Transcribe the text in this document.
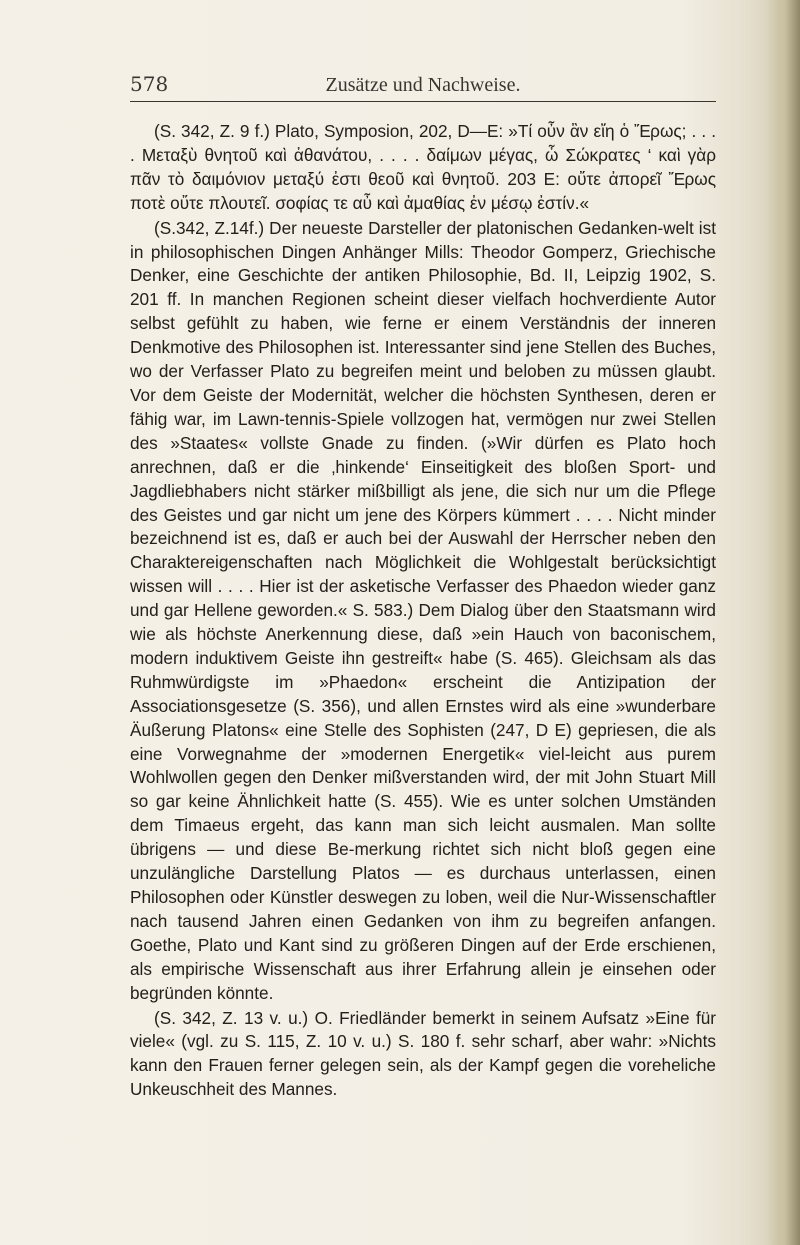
578	Zusätze und Nachweise.

(S. 342, Z. 9 f.) Plato, Symposion, 202, D—E: »Τί οὖν ἂν εἴη ὁ Ἔρως; . . . . Μεταξὺ θνητοῦ καὶ ἀθανάτου, . . . . δαίμων μέγας, ὦ Σώκρατες ‘ καὶ γὰρ πᾶν τὸ δαιμόνιον μεταξύ ἐστι θεοῦ καὶ θνητοῦ. 203 E: οὔτε ἀπορεῖ Ἔρως ποτὲ οὔτε πλουτεῖ. σοφίας τε αὖ καὶ ἀμαθίας ἐν μέσῳ ἐστίν.«

(S.342, Z.14f.) Der neueste Darsteller der platonischen Gedanken-welt ist in philosophischen Dingen Anhänger Mills: Theodor Gomperz, Griechische Denker, eine Geschichte der antiken Philosophie, Bd. II, Leipzig 1902, S. 201 ff. In manchen Regionen scheint dieser vielfach hochverdiente Autor selbst gefühlt zu haben, wie ferne er einem Verständnis der inneren Denkmotive des Philosophen ist. Interessanter sind jene Stellen des Buches, wo der Verfasser Plato zu begreifen meint und beloben zu müssen glaubt. Vor dem Geiste der Modernität, welcher die höchsten Synthesen, deren er fähig war, im Lawn-tennis-Spiele vollzogen hat, vermögen nur zwei Stellen des »Staates« vollste Gnade zu finden. (»Wir dürfen es Plato hoch anrechnen, daß er die ‚hinkende‘ Einseitigkeit des bloßen Sport- und Jagdliebhabers nicht stärker mißbilligt als jene, die sich nur um die Pflege des Geistes und gar nicht um jene des Körpers kümmert . . . . Nicht minder bezeichnend ist es, daß er auch bei der Auswahl der Herrscher neben den Charaktereigenschaften nach Möglichkeit die Wohlgestalt berücksichtigt wissen will . . . . Hier ist der asketische Verfasser des Phaedon wieder ganz und gar Hellene geworden.« S. 583.) Dem Dialog über den Staatsmann wird wie als höchste Anerkennung diese, daß »ein Hauch von baconischem, modern induktivem Geiste ihn gestreift« habe (S. 465). Gleichsam als das Ruhmwürdigste im »Phaedon« erscheint die Antizipation der Associationsgesetze (S. 356), und allen Ernstes wird als eine »wunderbare Äußerung Platons« eine Stelle des Sophisten (247, D E) gepriesen, die als eine Vorwegnahme der »modernen Energetik« viel-leicht aus purem Wohlwollen gegen den Denker mißverstanden wird, der mit John Stuart Mill so gar keine Ähnlichkeit hatte (S. 455). Wie es unter solchen Umständen dem Timaeus ergeht, das kann man sich leicht ausmalen. Man sollte übrigens — und diese Be-merkung richtet sich nicht bloß gegen eine unzulängliche Darstellung Platos — es durchaus unterlassen, einen Philosophen oder Künstler deswegen zu loben, weil die Nur-Wissenschaftler nach tausend Jahren einen Gedanken von ihm zu begreifen anfangen. Goethe, Plato und Kant sind zu größeren Dingen auf der Erde erschienen, als empirische Wissenschaft aus ihrer Erfahrung allein je einsehen oder begründen könnte.

(S. 342, Z. 13 v. u.) O. Friedländer bemerkt in seinem Aufsatz »Eine für viele« (vgl. zu S. 115, Z. 10 v. u.) S. 180 f. sehr scharf, aber wahr: »Nichts kann den Frauen ferner gelegen sein, als der Kampf gegen die voreheliche Unkeuschheit des Mannes.
